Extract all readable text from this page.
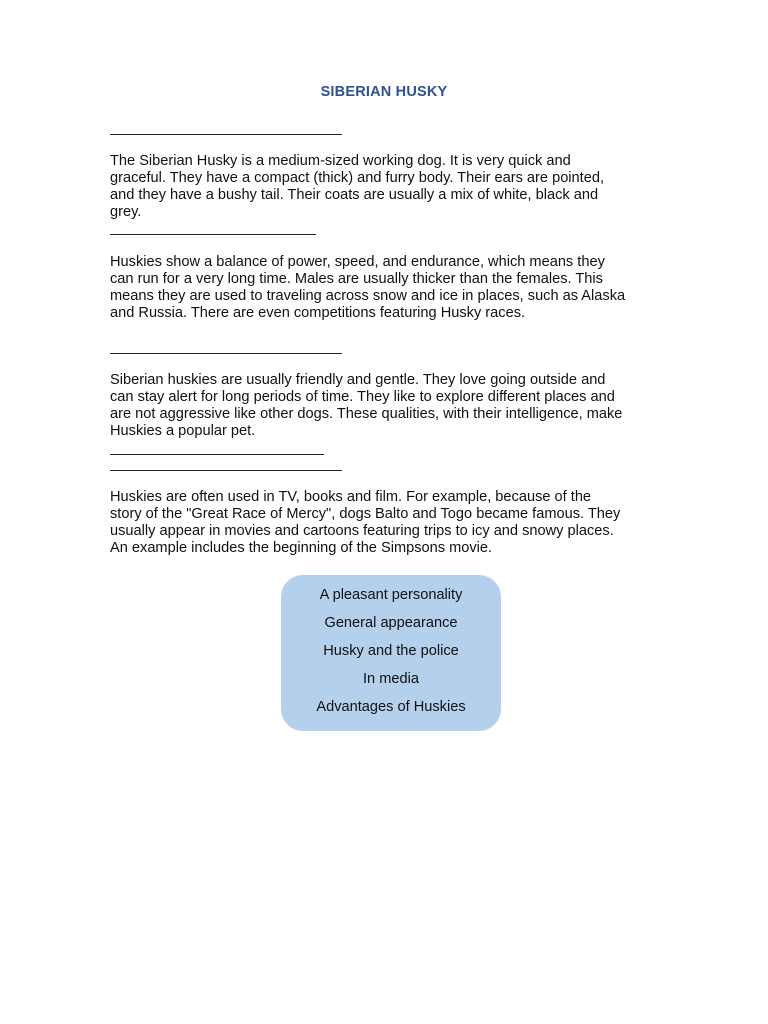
SIBERIAN HUSKY
The Siberian Husky is a medium-sized working dog. It is very quick and
graceful. They have a compact (thick) and furry body. Their ears are pointed,
and they have a bushy tail. Their coats are usually a mix of white, black and
grey.
Huskies show a balance of power, speed, and endurance, which means they
can run for a very long time. Males are usually thicker than the females. This
means they are used to traveling across snow and ice in places, such as Alaska
and Russia. There are even competitions featuring Husky races.
Siberian huskies are usually friendly and gentle. They love going outside and
can stay alert for long periods of time. They like to explore different places and
are not aggressive like other dogs. These qualities, with their intelligence, make
Huskies a popular pet.
Huskies are often used in TV, books and film. For example, because of the
story of the "Great Race of Mercy", dogs Balto and Togo became famous. They
usually appear in movies and cartoons featuring trips to icy and snowy places.
An example includes the beginning of the Simpsons movie.
A pleasant personality
General appearance
Husky and the police
In media
Advantages of Huskies
